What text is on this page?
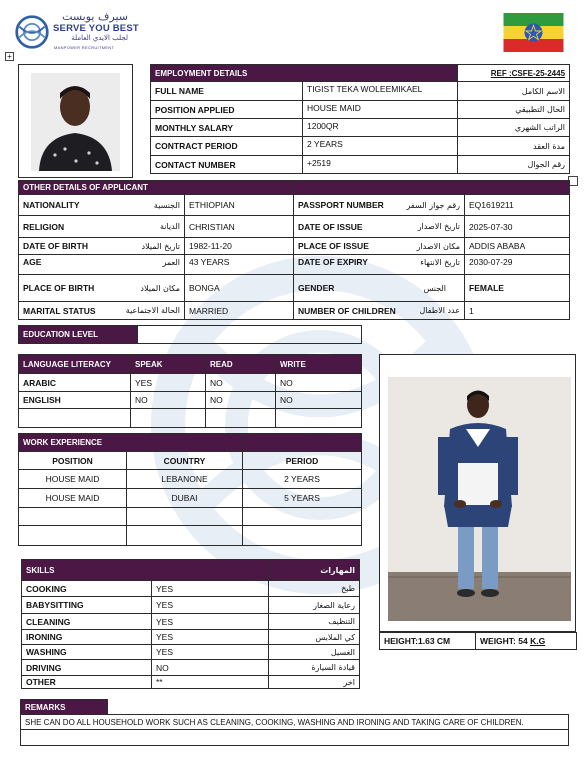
سيرف يوبست
SERVE YOU BEST
لجلب الايدي العاملة
MANPOWER RECRUITMENT
+
EMPLOYMENT DETAILS		REF :CSFE-25-2445
FULL NAME	TIGIST TEKA WOLEEMIKAEL	الاسم الكامل
POSITION APPLIED	HOUSE MAID	الحال التطبيقي
MONTHLY SALARY	1200QR	الراتب الشهري
CONTRACT PERIOD	2 YEARS	مدة العقد
CONTACT NUMBER	+2519	رقم الجوال
OTHER DETAILS OF APPLICANT			

NATIONALITY الجنسية	ETHIOPIAN	PASSPORT NUMBER رقم جواز السفر	EQ1619211

RELIGION الديانة	CHRISTIAN	DATE OF ISSUE تاريخ الاصدار	2025-07-30

DATE OF BIRTH تاريخ الميلاد	1982-11-20	PLACE OF ISSUE مكان الاصدار	ADDIS ABABA

AGE العمر	43 YEARS	DATE OF EXPIRY تاريخ الانتهاء	2030-07-29

PLACE OF BIRTH مكان الميلاد	BONGA	GENDER الجنس	FEMALE

MARITAL STATUS الحالة الاجتماعية	MARRIED	NUMBER OF CHILDREN عدد الاطفال	1
EDUCATION LEVEL	
LANGUAGE LITERACY	SPEAK	READ	WRITE
ARABIC	YES	NO	NO
ENGLISH	NO	NO	NO

WORK EXPERIENCE		
POSITION	COUNTRY	PERIOD
HOUSE MAID	LEBANONE	2 YEARS
HOUSE MAID	DUBAI	5 YEARS

HEIGHT:1.63 CM	WEIGHT: 54 K.G
SKILLS		المهارات
COOKING	YES	طبخ
BABYSITTING	YES	رعاية الصغار
CLEANING	YES	التنظيف
IRONING	YES	كي الملابس
WASHING	YES	الغسيل
DRIVING	NO	قيادة السيارة
OTHER	**	اخر
REMARKS	
SHE CAN DO ALL HOUSEHOLD WORK SUCH AS CLEANING, COOKING, WASHING AND IRONING AND TAKING CARE OF CHILDREN.
